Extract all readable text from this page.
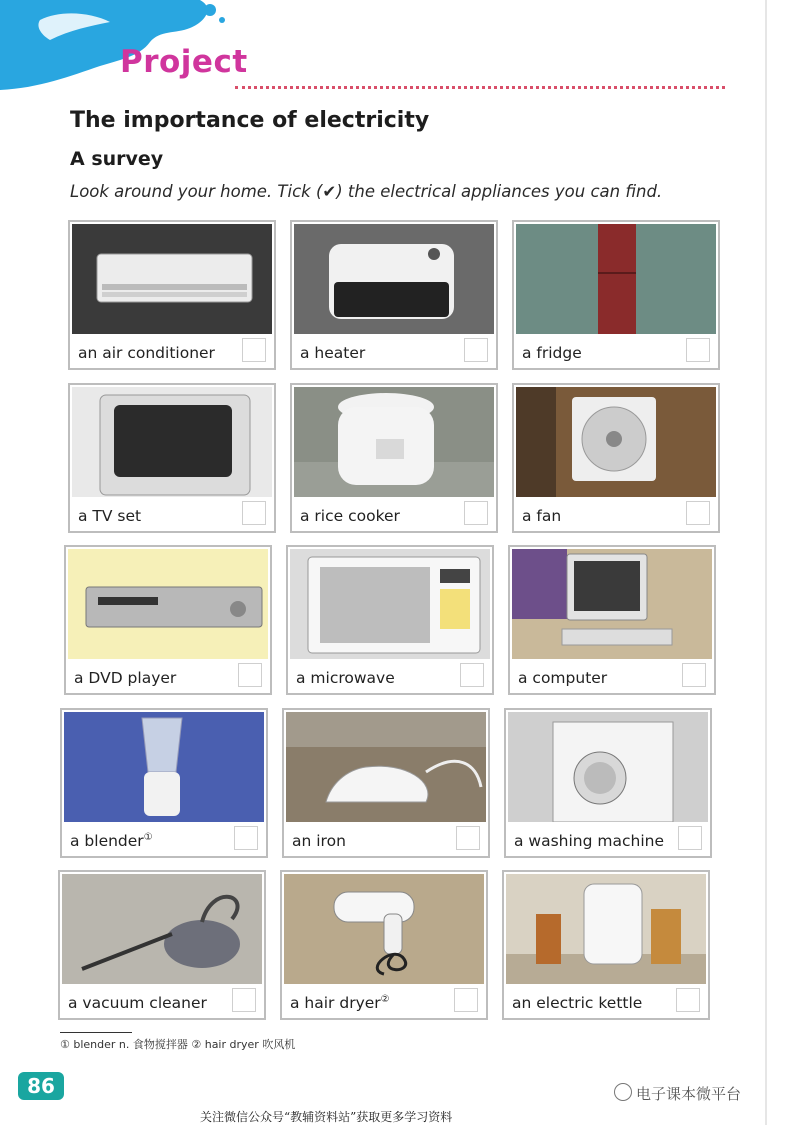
Project
The importance of electricity
A survey
Look around your home. Tick (✔) the electrical appliances you can find.
an air conditioner	a heater	a fridge
a TV set	a rice cooker	a fan
a DVD player	a microwave	a computer
a blender①	an iron	a washing machine
a vacuum cleaner	a hair dryer②	an electric kettle
① blender n. 食物搅拌器 ② hair dryer 吹风机
86	电子课本微平台
关注微信公众号“教辅资料站”获取更多学习资料
